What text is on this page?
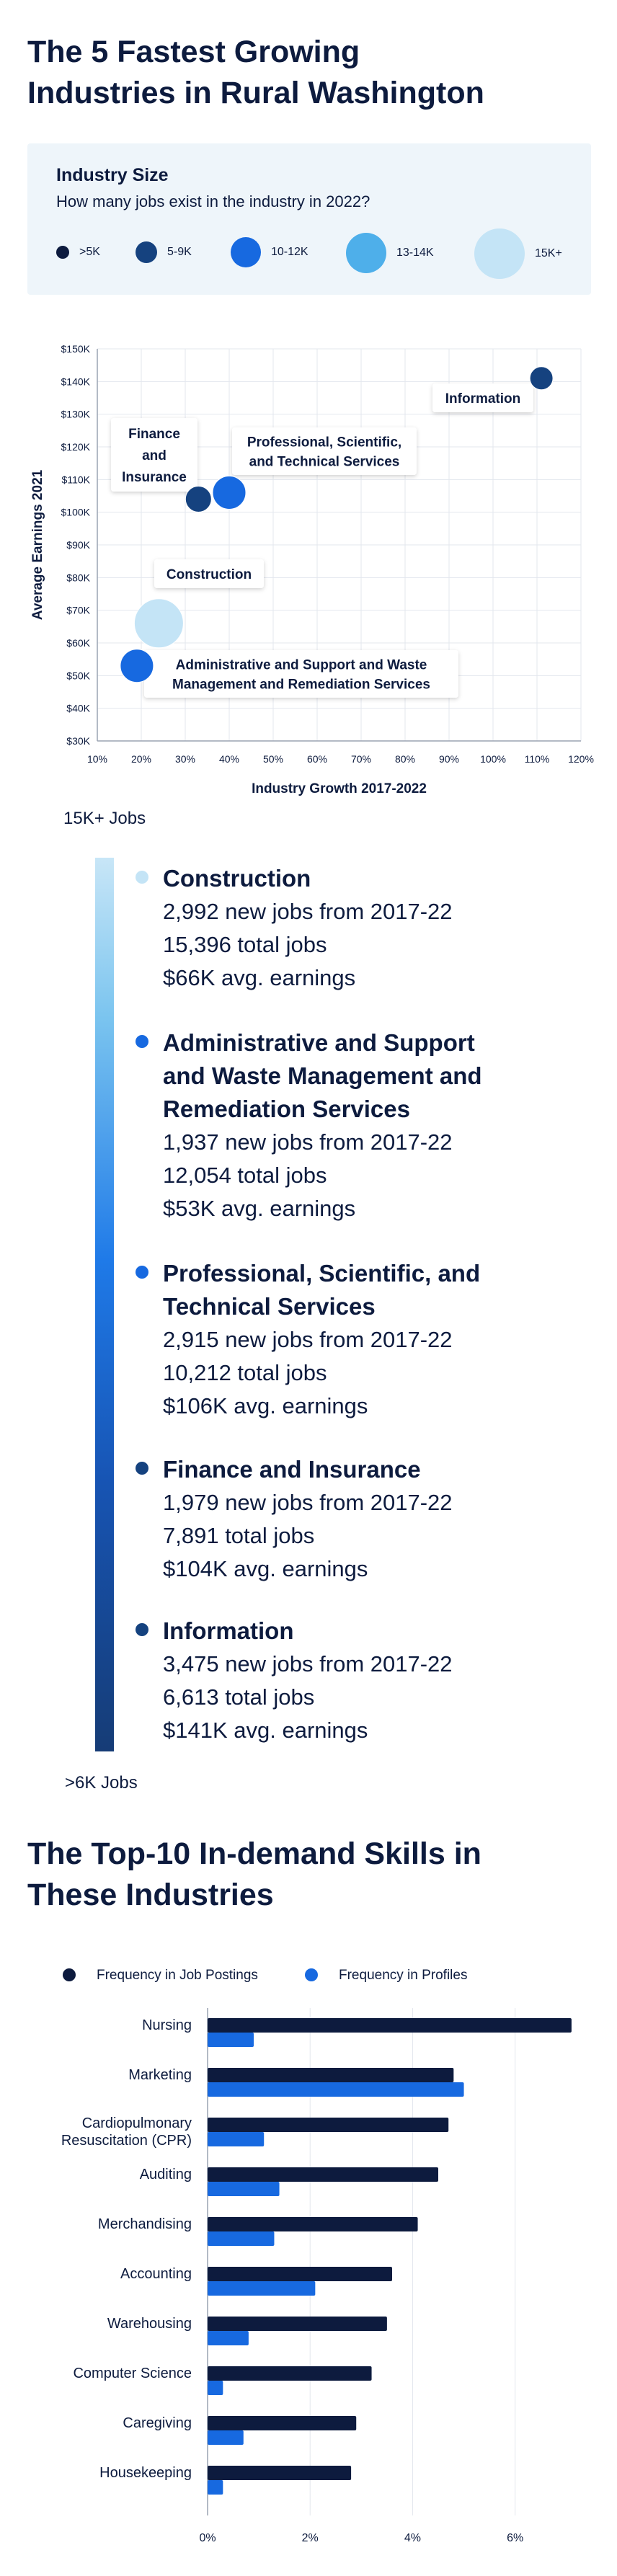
The 5 Fastest Growing
Industries in Rural Washington
Industry Size
How many jobs exist in the industry in 2022?
>5K	5-9K	10-12K	13-14K	15K+
10% 20% 30% 40% 50% 60% 70% 80% 90% 100% 110% 120%
$30K
$40K
$50K
$60K
$70K
$80K
$90K
$100K
$110K
$120K
$130K
$140K
$150K
Industry Growth 2017-2022
Average Earnings 2021
Information
Finance
and
Insurance
Professional, Scientific,
and Technical Services
Construction
Administrative and Support and Waste
Management and Remediation Services
15K+ Jobs
>6K Jobs
Construction
2,992 new jobs from 2017-22
15,396 total jobs
$66K avg. earnings
Administrative and Support
and Waste Management and
Remediation Services
1,937 new jobs from 2017-22
12,054 total jobs
$53K avg. earnings
Professional, Scientific, and
Technical Services
2,915 new jobs from 2017-22
10,212 total jobs
$106K avg. earnings
Finance and Insurance
1,979 new jobs from 2017-22
7,891 total jobs
$104K avg. earnings
Information
3,475 new jobs from 2017-22
6,613 total jobs
$141K avg. earnings
The Top-10 In-demand Skills in
These Industries
Frequency in Job Postings	Frequency in Profiles
0%	2%	4%	6%
Nursing
Marketing
Cardiopulmonary
Resuscitation (CPR)
Auditing
Merchandising
Accounting
Warehousing
Computer Science
Caregiving
Housekeeping
